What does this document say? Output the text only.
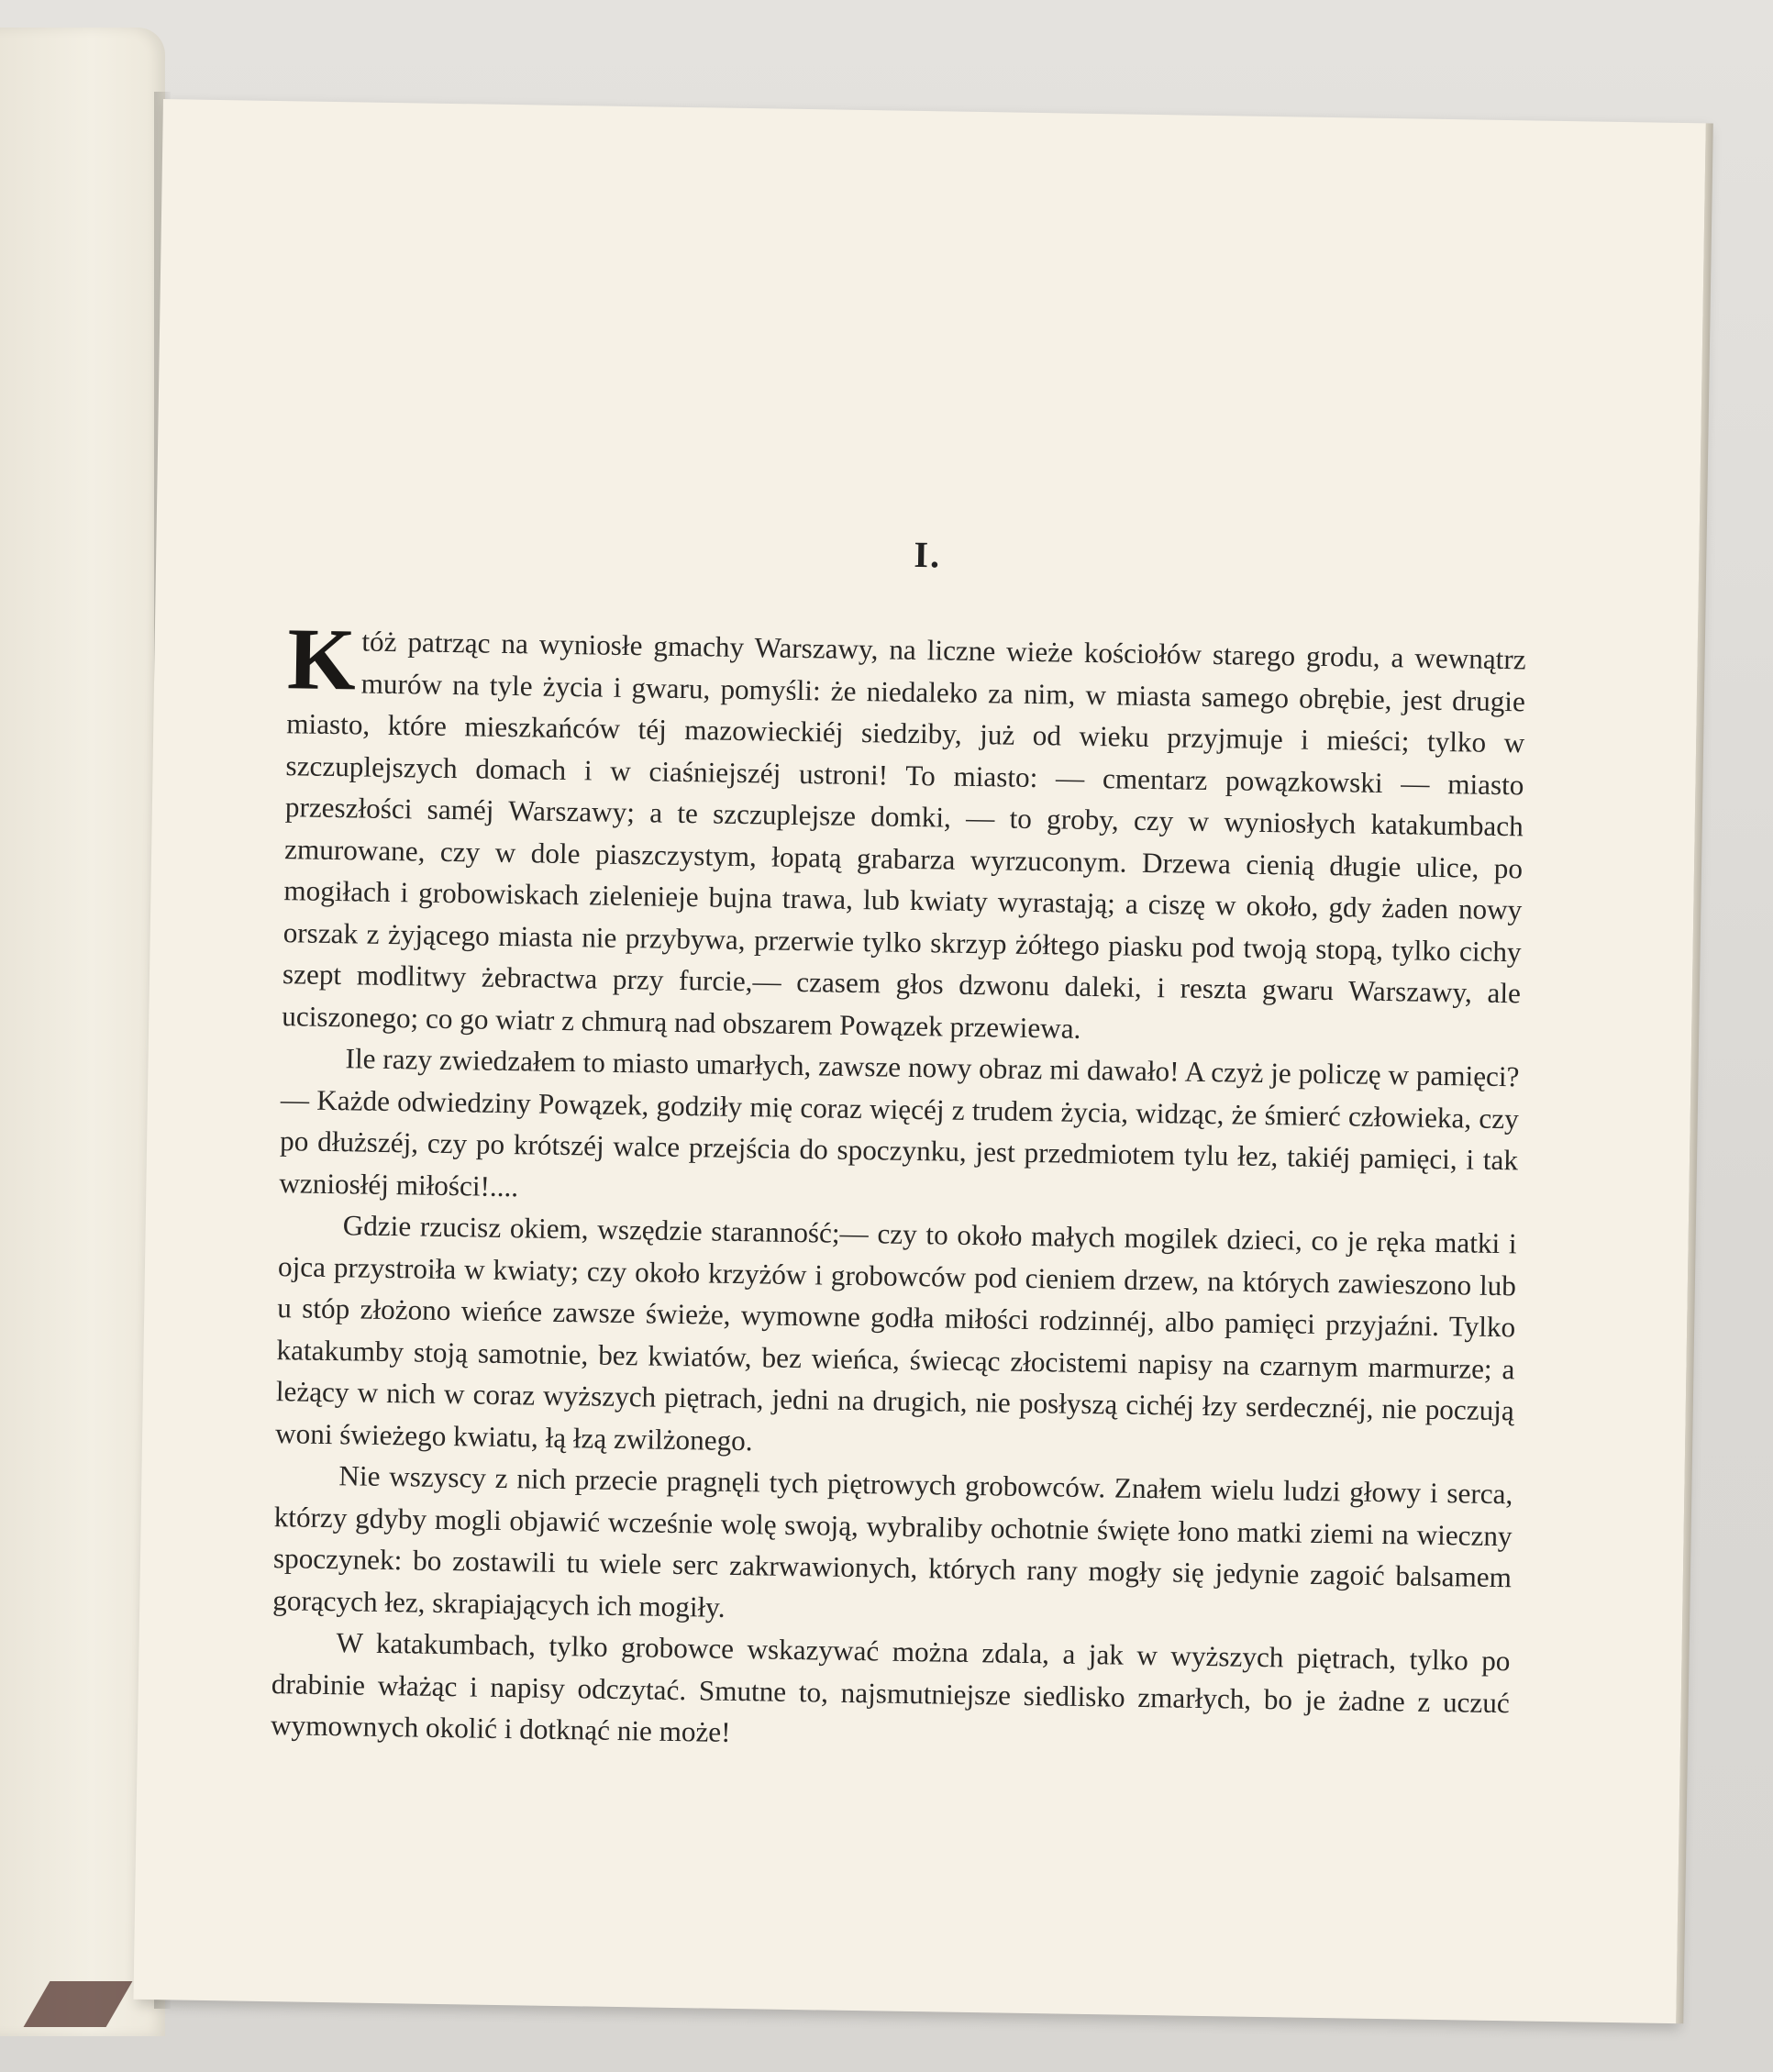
I.

Któż patrząc na wyniosłe gmachy Warszawy, na liczne wieże kościołów starego grodu, a wewnątrz murów na tyle życia i gwaru, pomyśli: że niedaleko za nim, w miasta samego obrębie, jest drugie miasto, które mieszkańców téj mazowieckiéj siedziby, już od wieku przyjmuje i mieści; tylko w szczuplejszych domach i w ciaśniejszéj ustroni! To miasto: — cmentarz powązkowski — miasto przeszłości saméj Warszawy; a te szczuplejsze domki, — to groby, czy w wyniosłych katakumbach zmurowane, czy w dole piaszczystym, łopatą grabarza wyrzuconym. Drzewa cienią długie ulice, po mogiłach i grobowiskach zieleniеje bujna trawa, lub kwiaty wyrastają; a ciszę w około, gdy żaden nowy orszak z żyjącego miasta nie przybywa, przerwie tylko skrzyp żółtego piasku pod twoją stopą, tylko cichy szept modlitwy żebractwa przy furcie,— czasem głos dzwonu daleki, i reszta gwaru Warszawy, ale uciszonego; co go wiatr z chmurą nad obszarem Powązek przewiewa.

Ile razy zwiedzałem to miasto umarłych, zawsze nowy obraz mi dawało! A czyż je policzę w pamięci? — Każde odwiedziny Powązek, godziły mię coraz więcéj z trudem życia, widząc, że śmierć człowieka, czy po dłuższéj, czy po krótszéj walce przejścia do spoczynku, jest przedmiotem tylu łez, takiéj pamięci, i tak wzniosłéj miłości!....

Gdzie rzucisz okiem, wszędzie staranność;— czy to około małych mogilek dzieci, co je ręka matki i ojca przystroiła w kwiaty; czy około krzyżów i grobowców pod cieniem drzew, na których zawieszono lub u stóp złożono wieńce zawsze świeże, wymowne godła miłości rodzinnéj, albo pamięci przyjaźni. Tylko katakumby stoją samotnie, bez kwiatów, bez wieńca, świecąc złocistemi napisy na czarnym marmurze; a leżący w nich w coraz wyższych piętrach, jedni na drugich, nie posłyszą cichéj łzy serdecznéj, nie poczują woni świeżego kwiatu, łą łzą zwilżonego.

Nie wszyscy z nich przecie pragnęli tych piętrowych grobowców. Znałem wielu ludzi głowy i serca, którzy gdyby mogli objawić wcześnie wolę swoją, wybraliby ochotnie święte łono matki ziemi na wieczny spoczynek: bo zostawili tu wiele serc zakrwawionych, których rany mogły się jedynie zagoić balsamem gorących łez, skrapiających ich mogiły.

W katakumbach, tylko grobowce wskazywać można zdala, a jak w wyższych piętrach, tylko po drabinie włażąc i napisy odczytać. Smutne to, najsmutniejsze siedlisko zmarłych, bo je żadne z uczuć wymownych okolić i dotknąć nie może!
